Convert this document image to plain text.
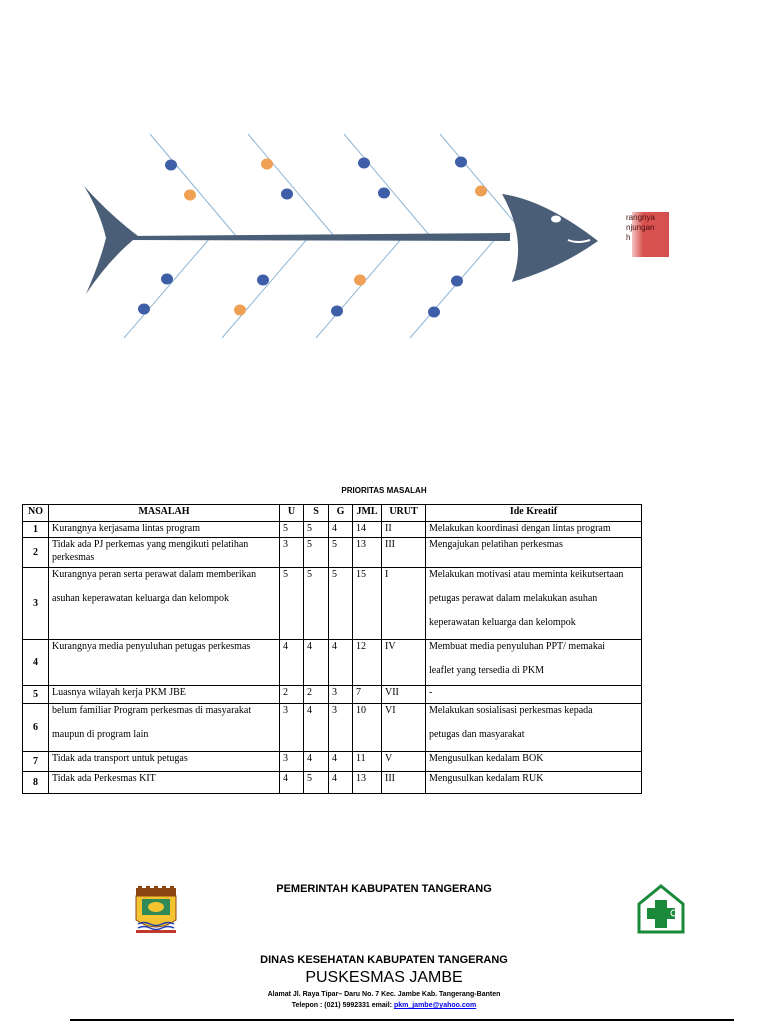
rangnya
njungan
h
PRIORITAS MASALAH
NO	MASALAH	U	S	G	JML	URUT	Ide Kreatif
1	Kurangnya kerjasama lintas program	5	5	4	14	II	Melakukan koordinasi dengan lintas program

2	Tidak ada PJ perkemas yang mengikuti pelatihan
perkesmas	3	5	5	13	III	Mengajukan pelatihan perkesmas

3	Kurangnya peran serta perawat dalam memberikan
asuhan keperawatan keluarga dan kelompok	5	5	5	15	I	Melakukan motivasi atau meminta keikutsertaan
petugas perawat dalam melakukan asuhan
keperawatan keluarga dan kelompok

4	Kurangnya media penyuluhan petugas perkesmas	4	4	4	12	IV	Membuat media penyuluhan PPT/ memakai
leaflet yang tersedia di PKM

5	Luasnya wilayah kerja PKM JBE	2	2	3	7	VII	-

6	belum familiar Program perkesmas di masyarakat
maupun di program lain	3	4	3	10	VI	Melakukan sosialisasi perkesmas kepada
petugas dan masyarakat

7	Tidak ada transport untuk petugas	3	4	4	11	V	Mengusulkan kedalam BOK

8	Tidak ada Perkesmas KIT	4	5	4	13	III	Mengusulkan kedalam RUK
PEMERINTAH KABUPATEN TANGERANG
DINAS KESEHATAN KABUPATEN TANGERANG
PUSKESMAS JAMBE
Alamat Jl. Raya Tipar– Daru No. 7 Kec. Jambe Kab. Tangerang-Banten
Telepon : (021) 5992331 email: pkm_jambe@yahoo.com
